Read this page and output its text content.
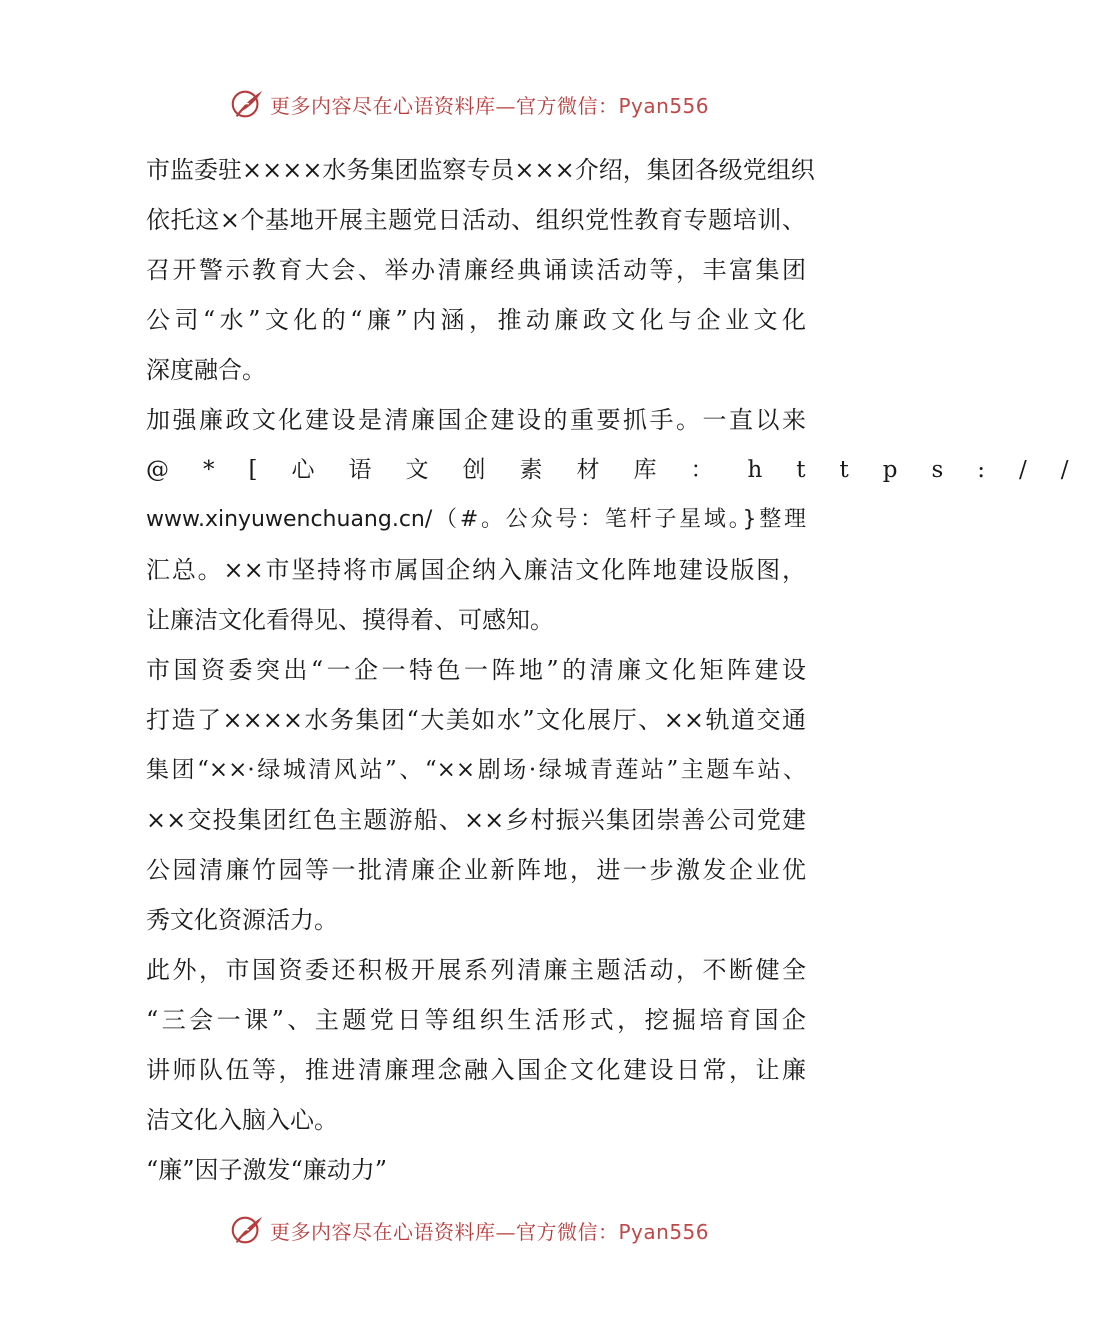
更多内容尽在心语资料库—官方微信：Pyan556
市监委驻××××水务集团监察专员×××介绍，集团各级党组织
依托这×个基地开展主题党日活动、组织党性教育专题培训、
召开警示教育大会、举办清廉经典诵读活动等，丰富集团
公司“水”文化的“廉”内涵，推动廉政文化与企业文化
深度融合。
加强廉政文化建设是清廉国企建设的重要抓手。一直以来
@*[心语文创素材库：https://
www.xinyuwenchuang.cn/（#。公众号：笔杆子星域。}整理
汇总。××市坚持将市属国企纳入廉洁文化阵地建设版图，
让廉洁文化看得见、摸得着、可感知。
市国资委突出“一企一特色一阵地”的清廉文化矩阵建设
打造了××××水务集团“大美如水”文化展厅、××轨道交通
集团“××·绿城清风站”、“××剧场·绿城青莲站”主题车站、
××交投集团红色主题游船、××乡村振兴集团崇善公司党建
公园清廉竹园等一批清廉企业新阵地，进一步激发企业优
秀文化资源活力。
此外，市国资委还积极开展系列清廉主题活动，不断健全
“三会一课”、主题党日等组织生活形式，挖掘培育国企
讲师队伍等，推进清廉理念融入国企文化建设日常，让廉
洁文化入脑入心。
“廉”因子激发“廉动力”
更多内容尽在心语资料库—官方微信：Pyan556
